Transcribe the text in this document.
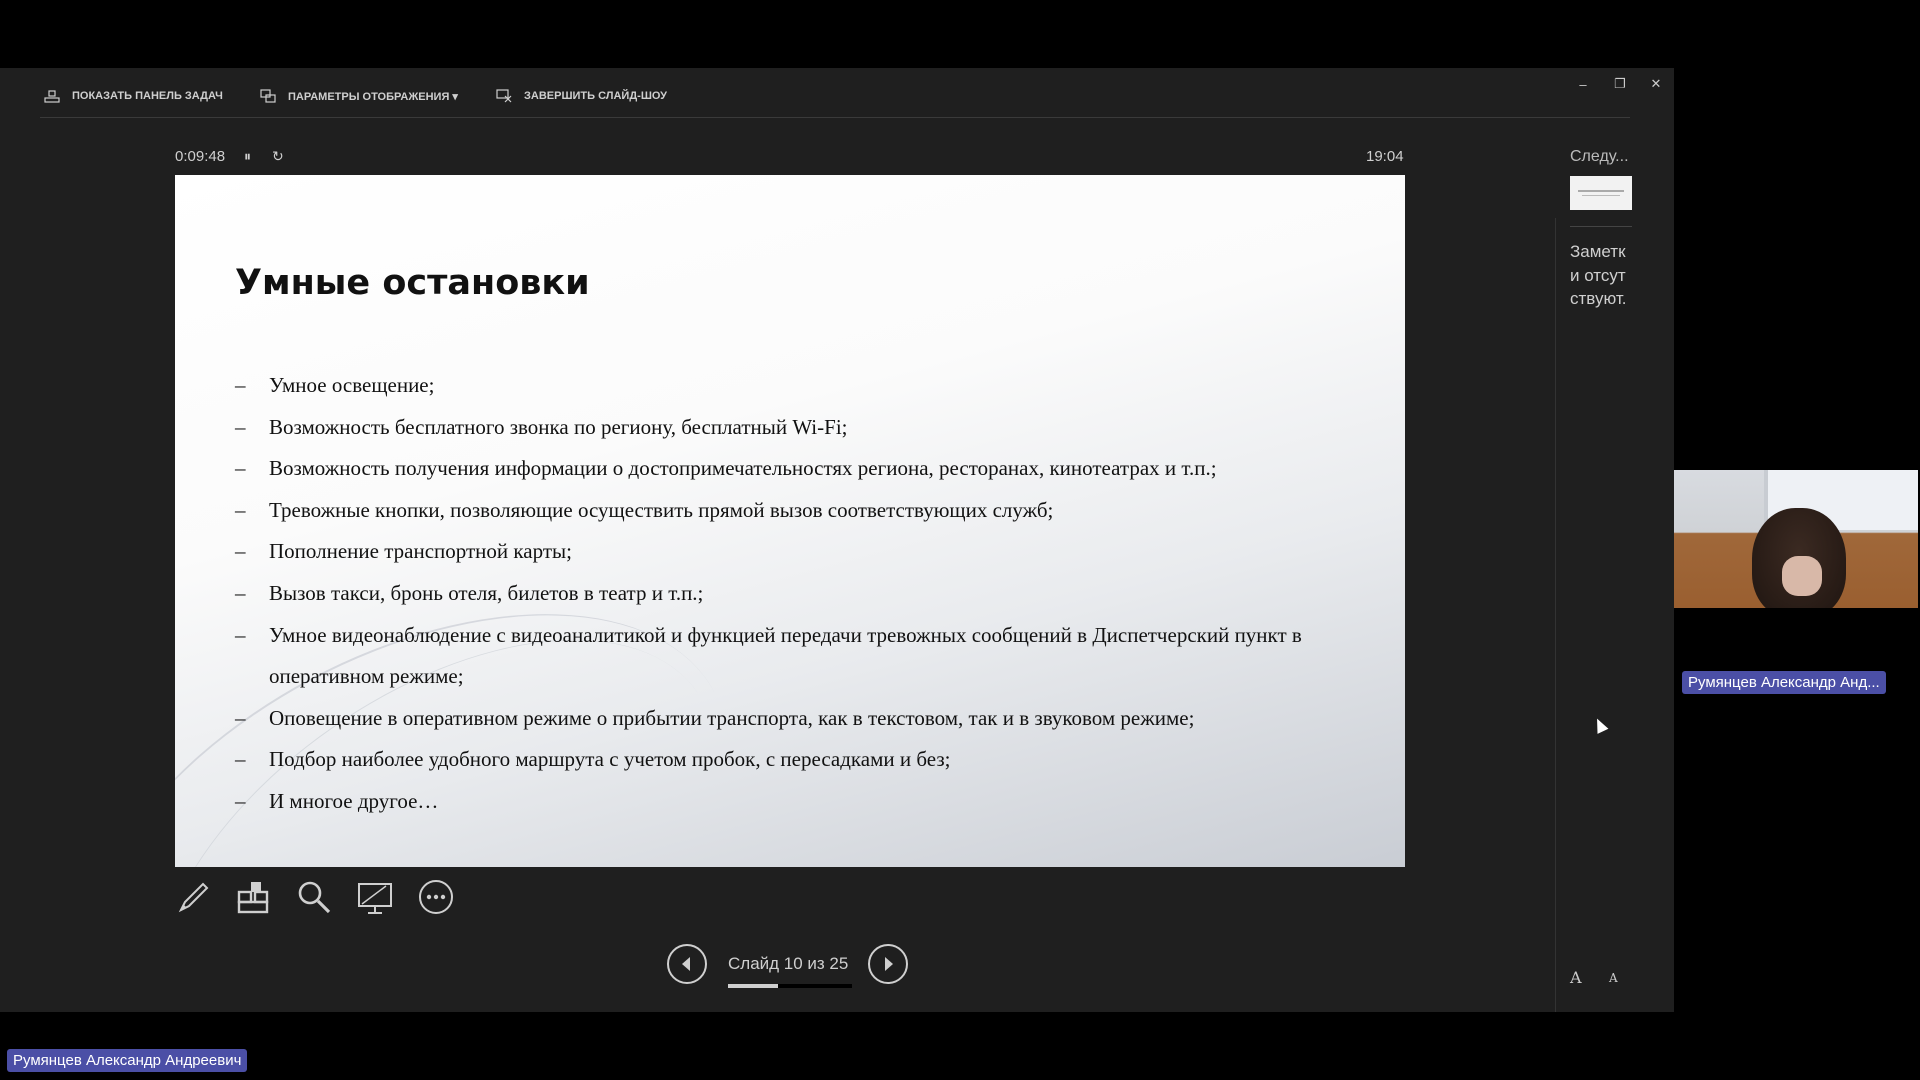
ПОКАЗАТЬ ПАНЕЛЬ ЗАДАЧ	ПАРАМЕТРЫ ОТОБРАЖЕНИЯ ▾	ЗАВЕРШИТЬ СЛАЙД-ШОУ
–	❐	✕
0:09:48 ⏸ ↻	19:04
Умные остановки
– Умное освещение;
– Возможность бесплатного звонка по региону, бесплатный Wi-Fi;
– Возможность получения информации о достопримечательностях региона, ресторанах, кинотеатрах и т.п.;
– Тревожные кнопки, позволяющие осуществить прямой вызов соответствующих служб;
– Пополнение транспортной карты;
– Вызов такси, бронь отеля, билетов в театр и т.п.;
– Умное видеонаблюдение с видеоаналитикой и функцией передачи тревожных сообщений в Диспетчерский пункт в оперативном режиме;
– Оповещение в оперативном режиме о прибытии транспорта, как в текстовом, так и в звуковом режиме;
– Подбор наиболее удобного маршрута с учетом пробок, с пересадками и без;
– И многое другое…
Слайд 10 из 25
Следу...
Заметки отсутствуют.
A A
Румянцев Александр Анд...
Румянцев Александр Андреевич
